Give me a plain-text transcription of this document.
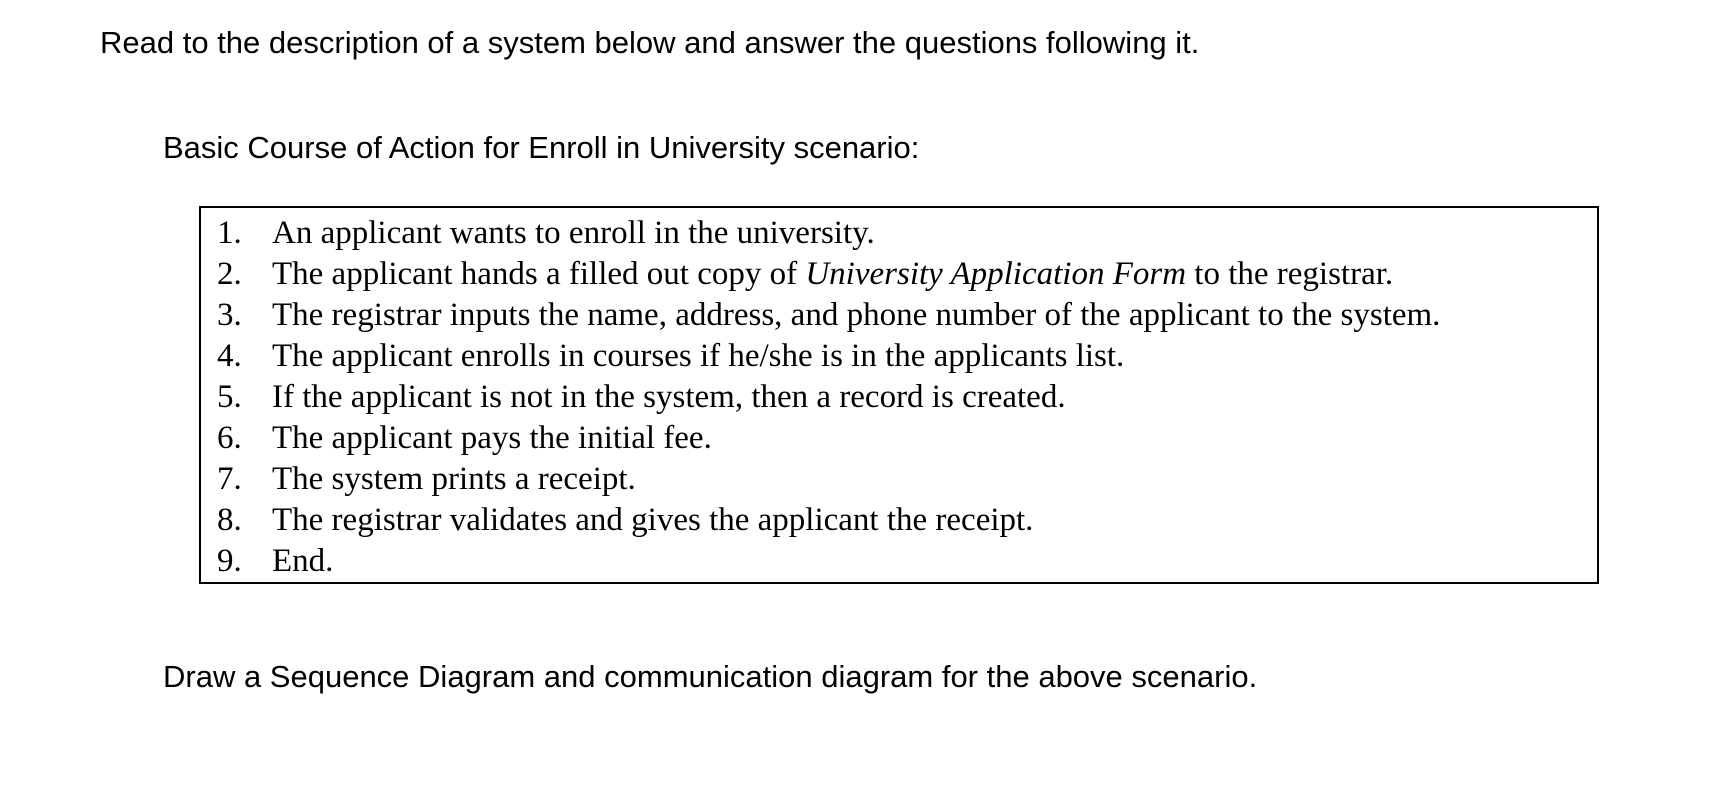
Read to the description of a system below and answer the questions following it.
Basic Course of Action for Enroll in University scenario:
1. An applicant wants to enroll in the university.
2. The applicant hands a filled out copy of University Application Form to the registrar.
3. The registrar inputs the name, address, and phone number of the applicant to the system.
4. The applicant enrolls in courses if he/she is in the applicants list.
5. If the applicant is not in the system, then a record is created.
6. The applicant pays the initial fee.
7. The system prints a receipt.
8. The registrar validates and gives the applicant the receipt.
9. End.
Draw a Sequence Diagram and communication diagram for the above scenario.
